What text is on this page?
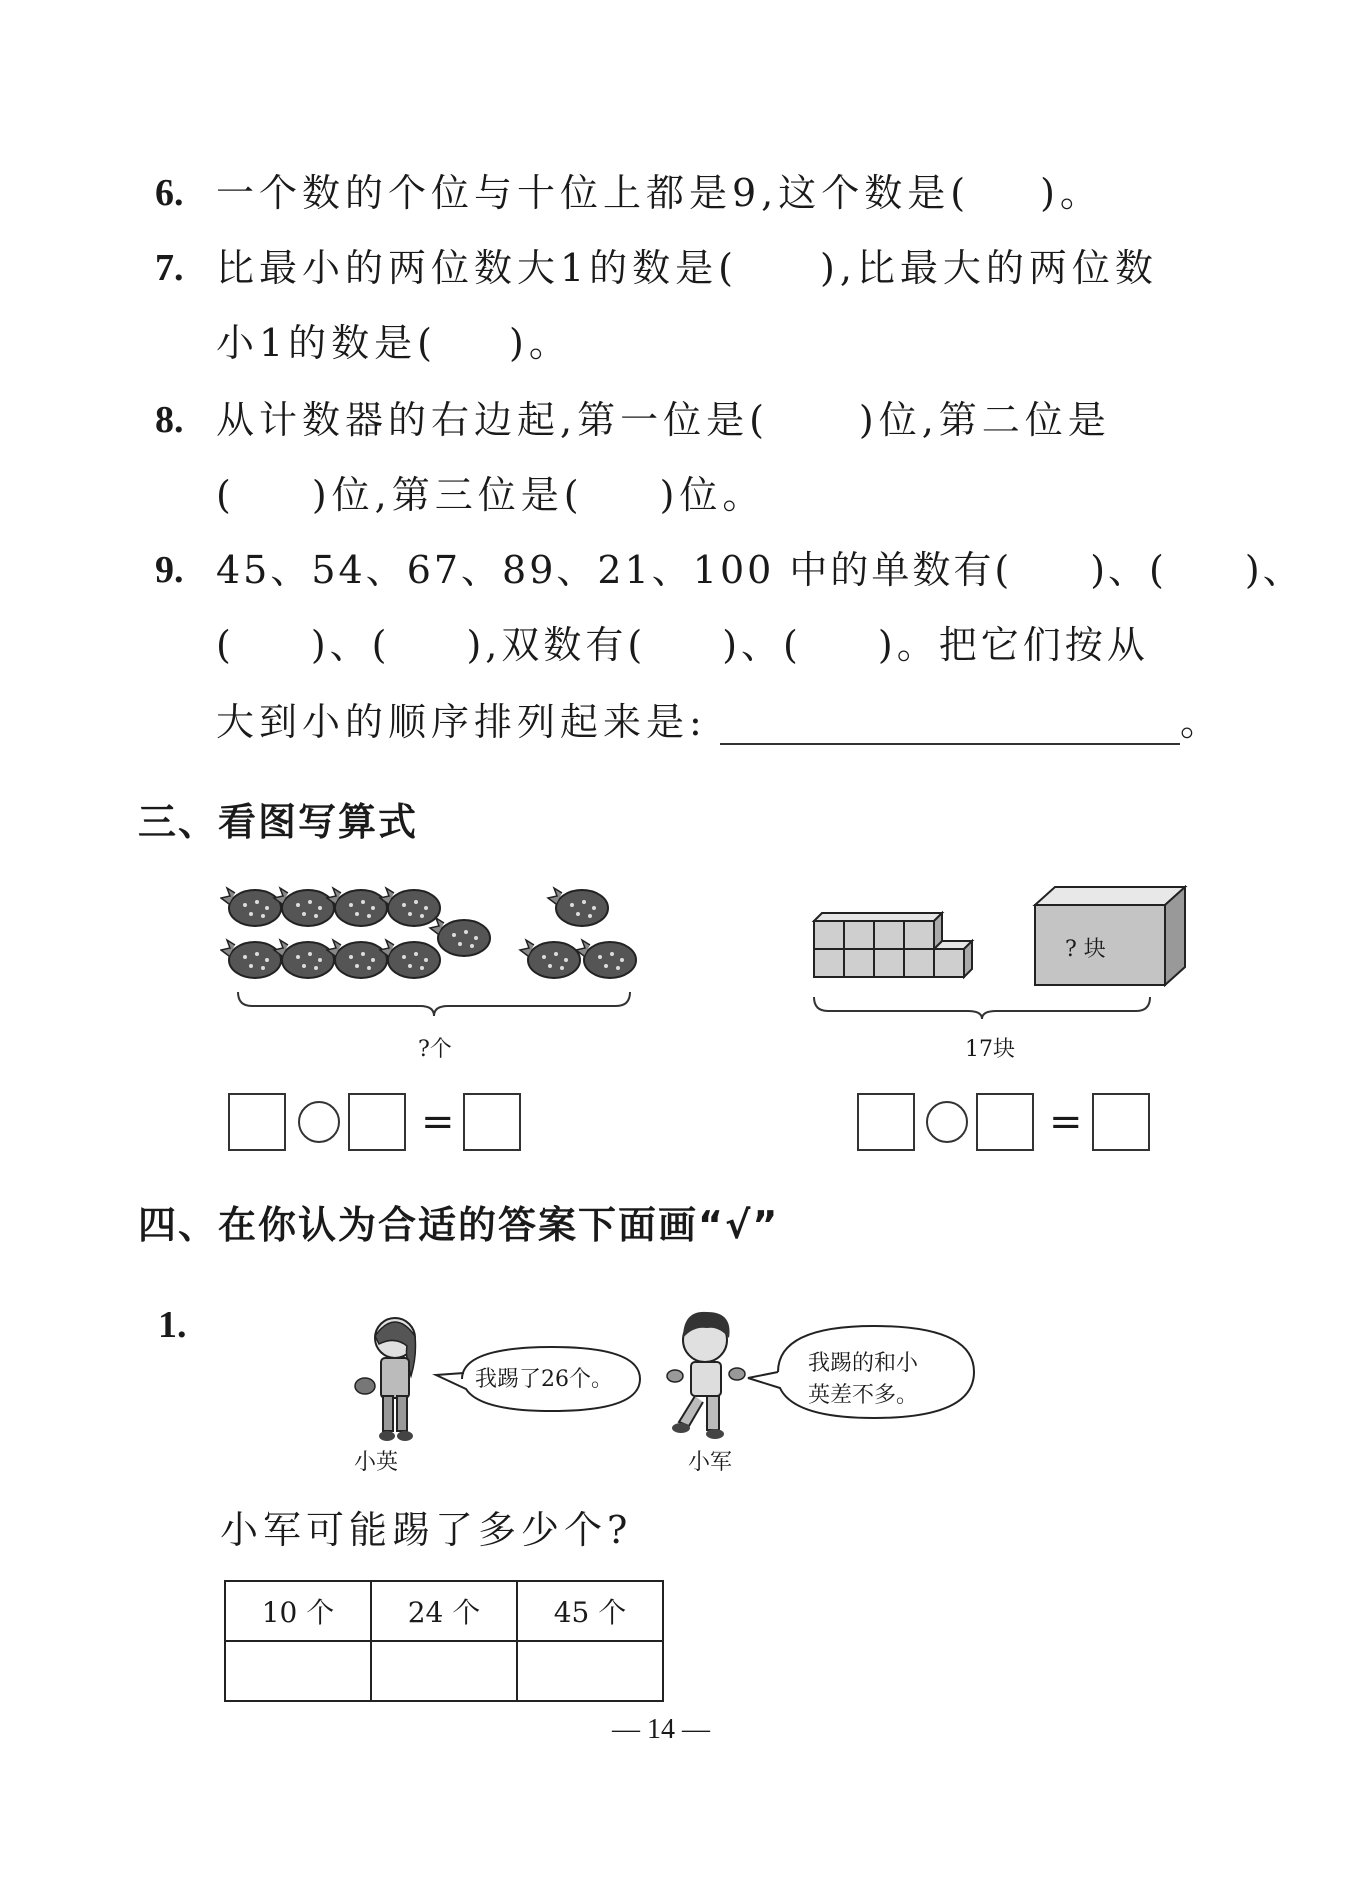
6. 一个数的个位与十位上都是9,这个数是( )。
7. 比最小的两位数大1的数是( ),比最大的两位数
小1的数是( )。
8. 从计数器的右边起,第一位是( )位,第二位是
( )位,第三位是( )位。
9. 45、54、67、89、21、100 中的单数有( )、( )、
( )、( ),双数有( )、( )。把它们按从
大到小的顺序排列起来是:	。
三、看图写算式
?个
? 块
17块
=	=
四、在你认为合适的答案下面画“√”
1.
我踢了26个。
小英
我踢的和小
英差不多。
小军
小军可能踢了多少个?
10 个	24 个	45 个

— 14 —
